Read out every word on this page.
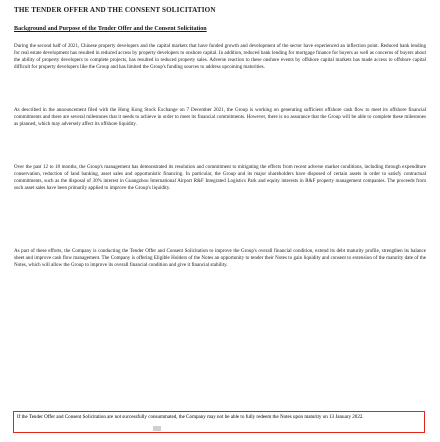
THE TENDER OFFER AND THE CONSENT SOLICITATION
Background and Purpose of the Tender Offer and the Consent Solicitation
During the second half of 2021, Chinese property developers and the capital markets that have funded growth and development of the sector have experienced an inflection point. Reduced bank lending for real estate development has resulted in reduced access by property developers to onshore capital. In addition, reduced bank lending for mortgage finance for buyers as well as concerns of buyers about the ability of property developers to complete projects, has resulted in reduced property sales. Adverse reaction to these onshore events by offshore capital markets has made access to offshore capital difficult for property developers like the Group and has limited the Group's funding sources to address upcoming maturities.
As described in the announcement filed with the Hong Kong Stock Exchange on 7 December 2021, the Group is working on generating sufficient offshore cash flow to meet its offshore financial commitments and there are several milestones that it needs to achieve in order to meet its financial commitments. However, there is no assurance that the Group will be able to complete these milestones as planned, which may adversely affect its offshore liquidity.
Over the past 12 to 18 months, the Group's management has demonstrated its resolution and commitment to mitigating the effects from recent adverse market conditions, including through expenditure conservation, reduction of land banking, asset sales and opportunistic financing. In particular, the Group and its major shareholders have disposed of certain assets in order to satisfy contractual commitments, such as the disposal of 30% interest in Guangzhou International Airport R&F Integrated Logistics Park and equity interests in R&F property management companies. The proceeds from such asset sales have been primarily applied to improve the Group's liquidity.
As part of these efforts, the Company is conducting the Tender Offer and Consent Solicitation to improve the Group's overall financial condition, extend its debt maturity profile, strengthen its balance sheet and improve cash flow management. The Company is offering Eligible Holders of the Notes an opportunity to tender their Notes to gain liquidity and consent to extension of the maturity date of the Notes, which will allow the Group to improve its overall financial condition and give it financial stability.
If the Tender Offer and Consent Solicitation are not successfully consummated, the Company may not be able to fully redeem the Notes upon maturity on 13 January 2022.
